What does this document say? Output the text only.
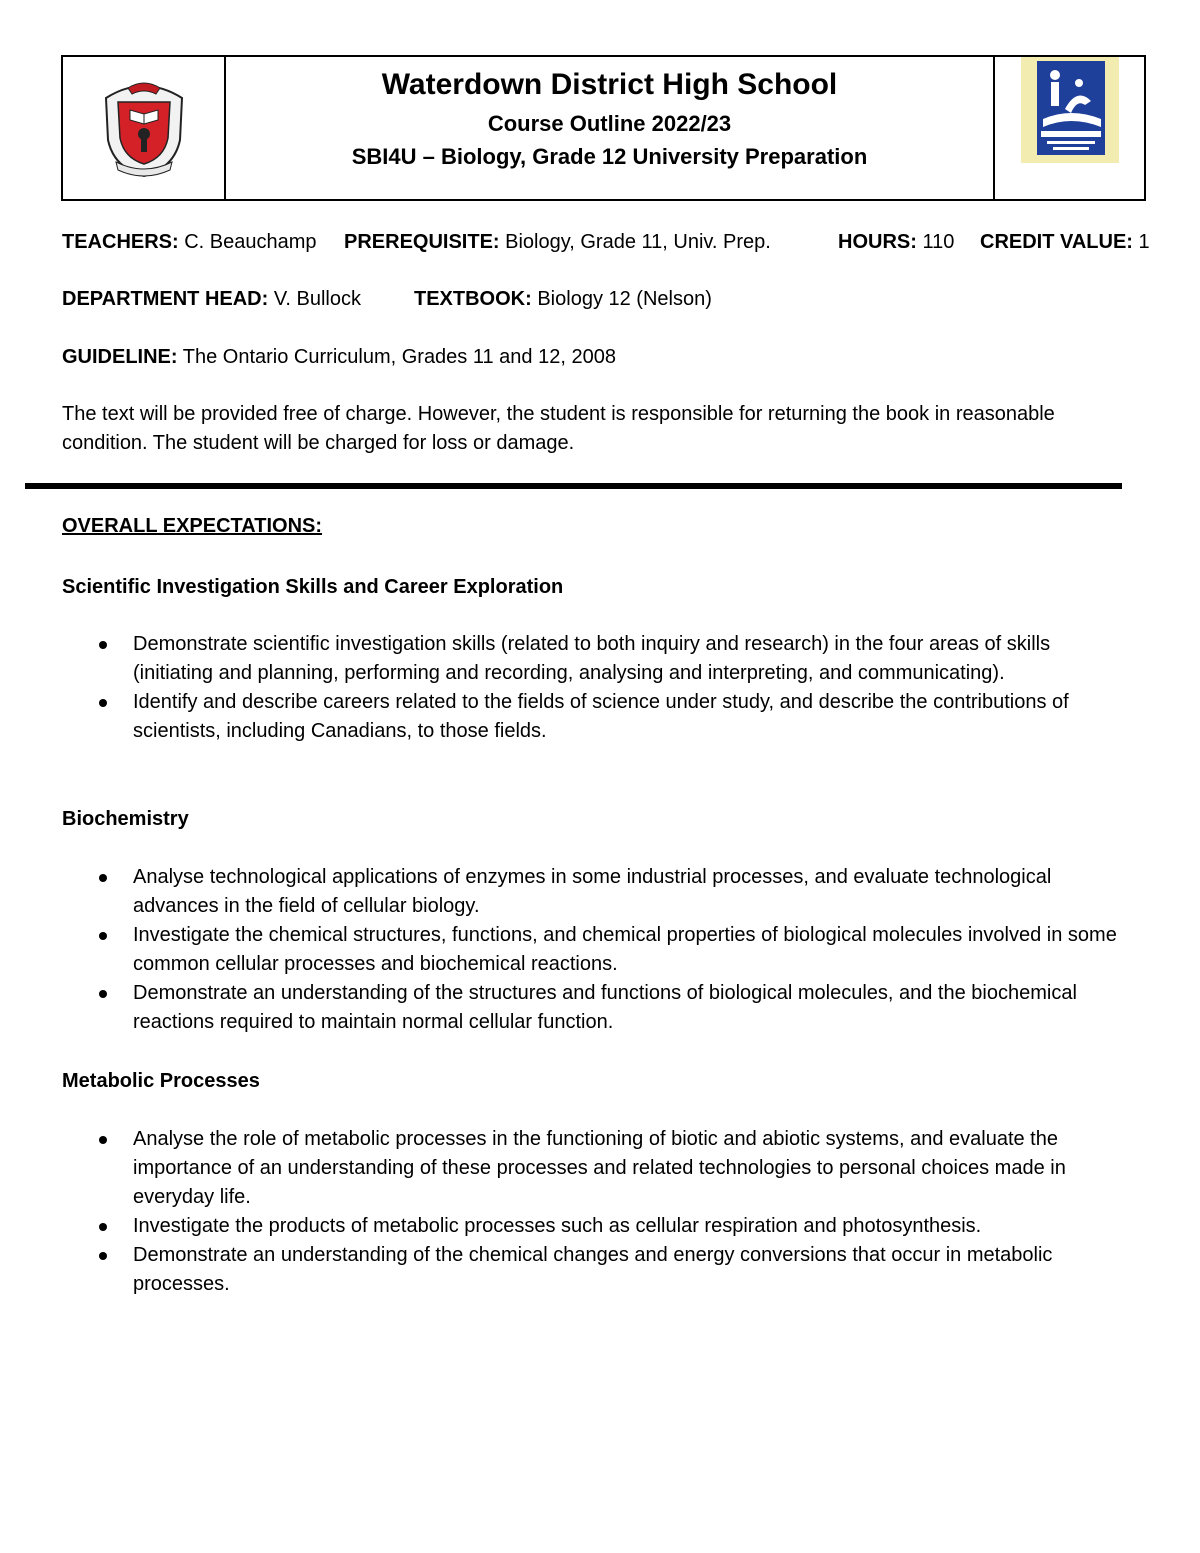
Waterdown District High School
Course Outline 2022/23
SBI4U – Biology, Grade 12 University Preparation
TEACHERS: C. Beauchamp PREREQUISITE: Biology, Grade 11, Univ. Prep.	HOURS: 110 CREDIT VALUE: 1
DEPARTMENT HEAD: V. Bullock	TEXTBOOK: Biology 12 (Nelson)
GUIDELINE: The Ontario Curriculum, Grades 11 and 12, 2008
The text will be provided free of charge. However, the student is responsible for returning the book in reasonable condition. The student will be charged for loss or damage.
OVERALL EXPECTATIONS:
Scientific Investigation Skills and Career Exploration
Demonstrate scientific investigation skills (related to both inquiry and research) in the four areas of skills (initiating and planning, performing and recording, analysing and interpreting, and communicating).
Identify and describe careers related to the fields of science under study, and describe the contributions of scientists, including Canadians, to those fields.
Biochemistry
Analyse technological applications of enzymes in some industrial processes, and evaluate technological advances in the field of cellular biology.
Investigate the chemical structures, functions, and chemical properties of biological molecules involved in some common cellular processes and biochemical reactions.
Demonstrate an understanding of the structures and functions of biological molecules, and the biochemical reactions required to maintain normal cellular function.
Metabolic Processes
Analyse the role of metabolic processes in the functioning of biotic and abiotic systems, and evaluate the importance of an understanding of these processes and related technologies to personal choices made in everyday life.
Investigate the products of metabolic processes such as cellular respiration and photosynthesis.
Demonstrate an understanding of the chemical changes and energy conversions that occur in metabolic processes.
